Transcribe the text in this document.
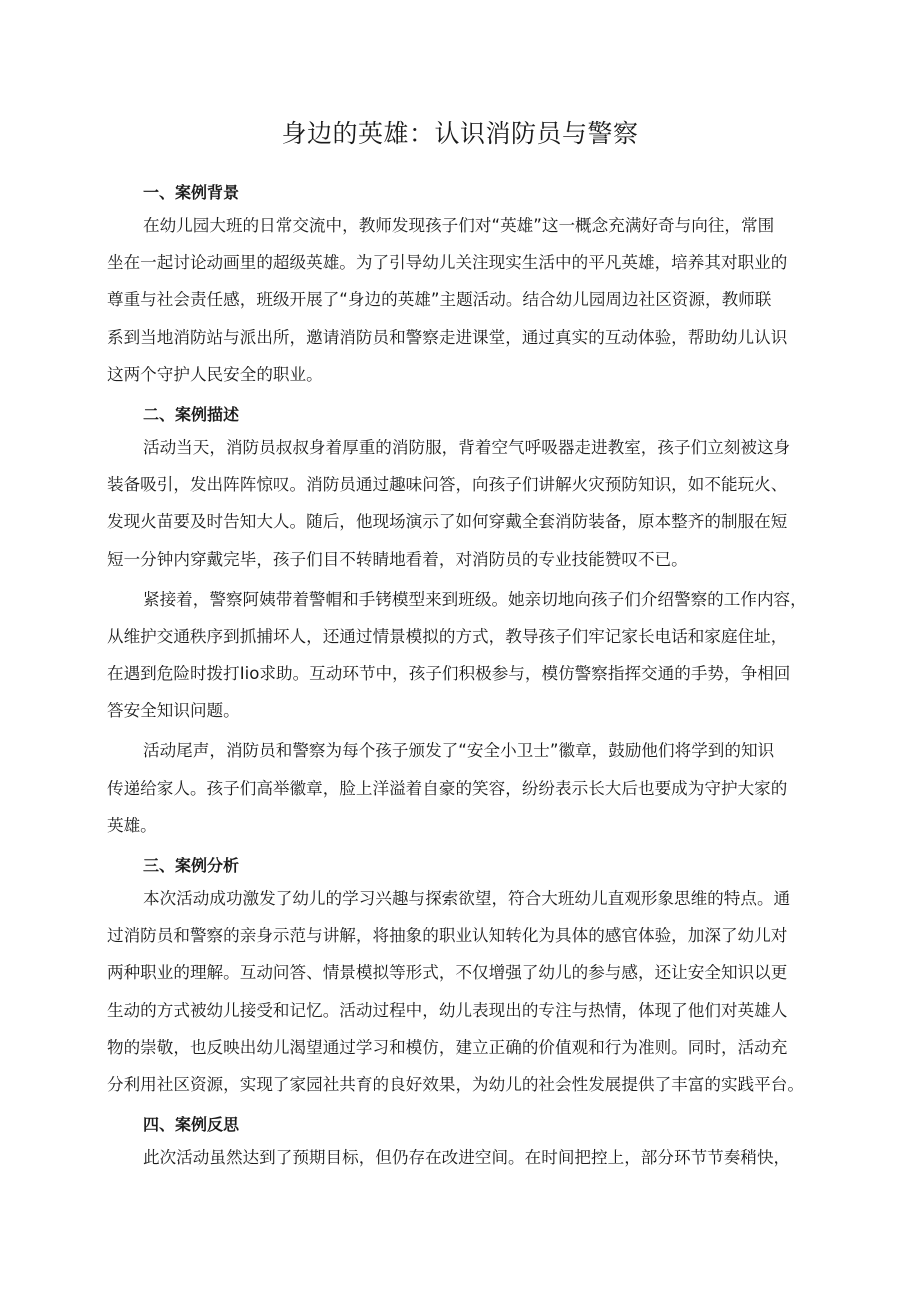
身边的英雄：认识消防员与警察
一、案例背景
在幼儿园大班的日常交流中，教师发现孩子们对“英雄”这一概念充满好奇与向往，常围
坐在一起讨论动画里的超级英雄。为了引导幼儿关注现实生活中的平凡英雄，培养其对职业的
尊重与社会责任感，班级开展了“身边的英雄”主题活动。结合幼儿园周边社区资源，教师联
系到当地消防站与派出所，邀请消防员和警察走进课堂，通过真实的互动体验，帮助幼儿认识
这两个守护人民安全的职业。
二、案例描述
活动当天，消防员叔叔身着厚重的消防服，背着空气呼吸器走进教室，孩子们立刻被这身
装备吸引，发出阵阵惊叹。消防员通过趣味问答，向孩子们讲解火灾预防知识，如不能玩火、
发现火苗要及时告知大人。随后，他现场演示了如何穿戴全套消防装备，原本整齐的制服在短
短一分钟内穿戴完毕，孩子们目不转睛地看着，对消防员的专业技能赞叹不已。
紧接着，警察阿姨带着警帽和手铐模型来到班级。她亲切地向孩子们介绍警察的工作内容，
从维护交通秩序到抓捕坏人，还通过情景模拟的方式，教导孩子们牢记家长电话和家庭住址，
在遇到危险时拨打Iio求助。互动环节中，孩子们积极参与，模仿警察指挥交通的手势，争相回
答安全知识问题。
活动尾声，消防员和警察为每个孩子颁发了“安全小卫士”徽章，鼓励他们将学到的知识
传递给家人。孩子们高举徽章，脸上洋溢着自豪的笑容，纷纷表示长大后也要成为守护大家的
英雄。
三、案例分析
本次活动成功激发了幼儿的学习兴趣与探索欲望，符合大班幼儿直观形象思维的特点。通
过消防员和警察的亲身示范与讲解，将抽象的职业认知转化为具体的感官体验，加深了幼儿对
两种职业的理解。互动问答、情景模拟等形式，不仅增强了幼儿的参与感，还让安全知识以更
生动的方式被幼儿接受和记忆。活动过程中，幼儿表现出的专注与热情，体现了他们对英雄人
物的崇敬，也反映出幼儿渴望通过学习和模仿，建立正确的价值观和行为准则。同时，活动充
分利用社区资源，实现了家园社共育的良好效果，为幼儿的社会性发展提供了丰富的实践平台。
四、案例反思
此次活动虽然达到了预期目标，但仍存在改进空间。在时间把控上，部分环节节奏稍快，
